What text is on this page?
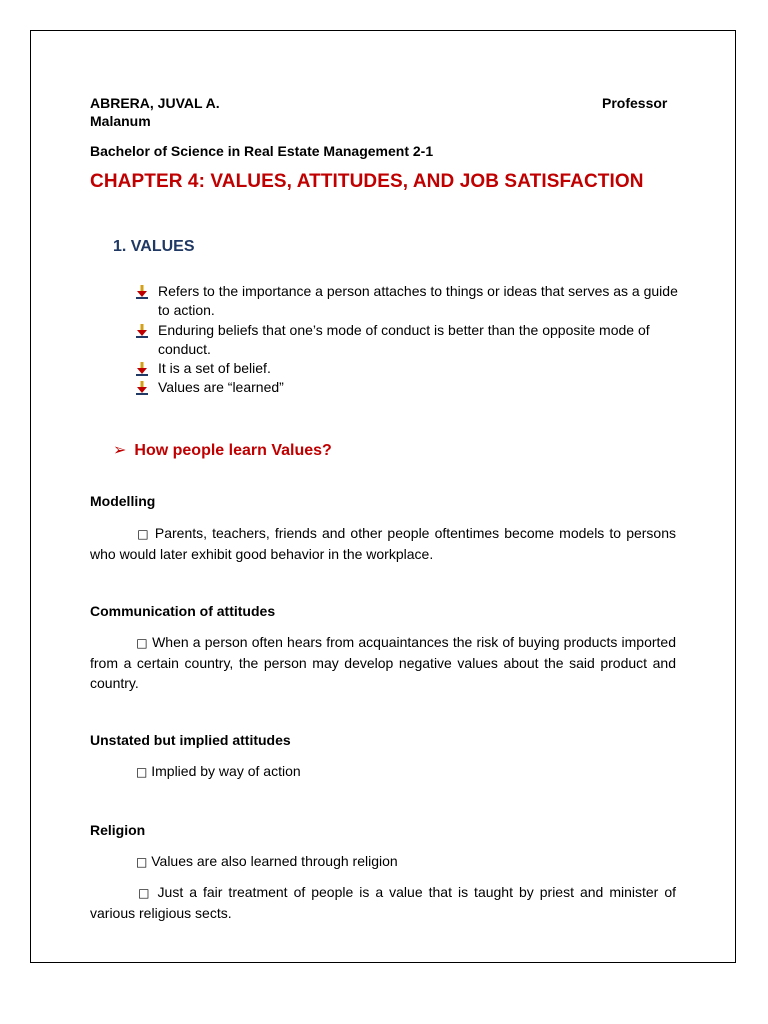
ABRERA, JUVAL A.	Professor
Malanum
Bachelor of Science in Real Estate Management 2-1
CHAPTER 4: VALUES, ATTITUDES, AND JOB SATISFACTION
1. VALUES
Refers to the importance a person attaches to things or ideas that serves as a guide to action.
Enduring beliefs that one’s mode of conduct is better than the opposite mode of conduct.
It is a set of belief.
Values are “learned”
➢ How people learn Values?
Modelling
□ Parents, teachers, friends and other people oftentimes become models to persons who would later exhibit good behavior in the workplace.
Communication of attitudes
□ When a person often hears from acquaintances the risk of buying products imported from a certain country, the person may develop negative values about the said product and country.
Unstated but implied attitudes
□ Implied by way of action
Religion
□ Values are also learned through religion
□ Just a fair treatment of people is a value that is taught by priest and minister of various religious sects.
